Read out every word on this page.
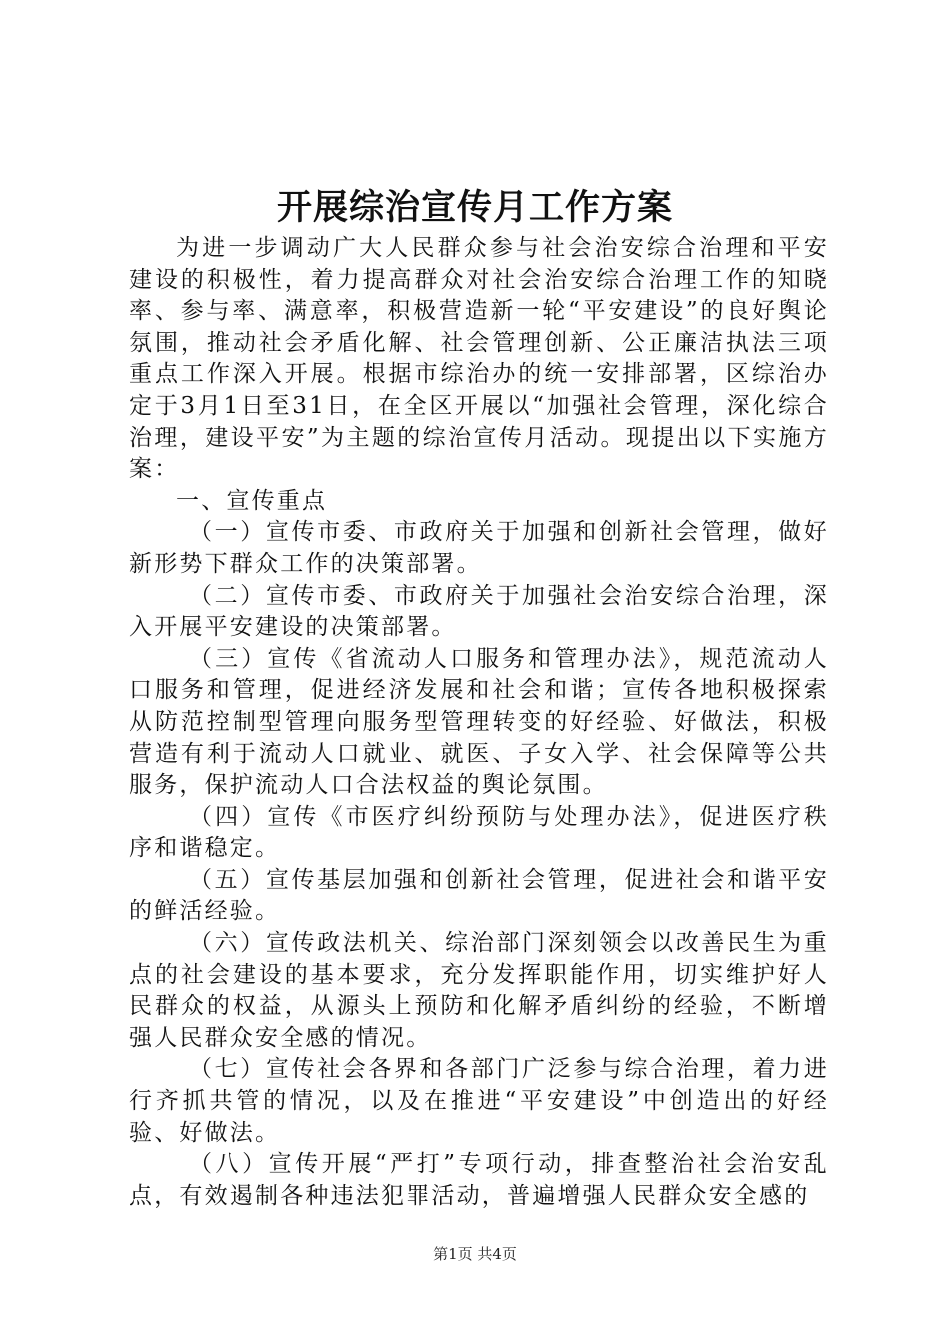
开展综治宣传月工作方案

为进一步调动广大人民群众参与社会治安综合治理和平安建设的积极性，着力提高群众对社会治安综合治理工作的知晓率、参与率、满意率，积极营造新一轮“平安建设”的良好舆论氛围，推动社会矛盾化解、社会管理创新、公正廉洁执法三项重点工作深入开展。根据市综治办的统一安排部署，区综治办定于3月1日至31日，在全区开展以“加强社会管理，深化综合治理，建设平安”为主题的综治宣传月活动。现提出以下实施方案：

一、宣传重点

（一）宣传市委、市政府关于加强和创新社会管理，做好新形势下群众工作的决策部署。

（二）宣传市委、市政府关于加强社会治安综合治理，深入开展平安建设的决策部署。

（三）宣传《省流动人口服务和管理办法》，规范流动人口服务和管理，促进经济发展和社会和谐；宣传各地积极探索从防范控制型管理向服务型管理转变的好经验、好做法，积极营造有利于流动人口就业、就医、子女入学、社会保障等公共服务，保护流动人口合法权益的舆论氛围。

（四）宣传《市医疗纠纷预防与处理办法》，促进医疗秩序和谐稳定。

（五）宣传基层加强和创新社会管理，促进社会和谐平安的鲜活经验。

（六）宣传政法机关、综治部门深刻领会以改善民生为重点的社会建设的基本要求，充分发挥职能作用，切实维护好人民群众的权益，从源头上预防和化解矛盾纠纷的经验，不断增强人民群众安全感的情况。

（七）宣传社会各界和各部门广泛参与综合治理，着力进行齐抓共管的情况，以及在推进“平安建设”中创造出的好经验、好做法。

（八）宣传开展“严打”专项行动，排查整治社会治安乱点，有效遏制各种违法犯罪活动，普遍增强人民群众安全感的

第1页 共4页
